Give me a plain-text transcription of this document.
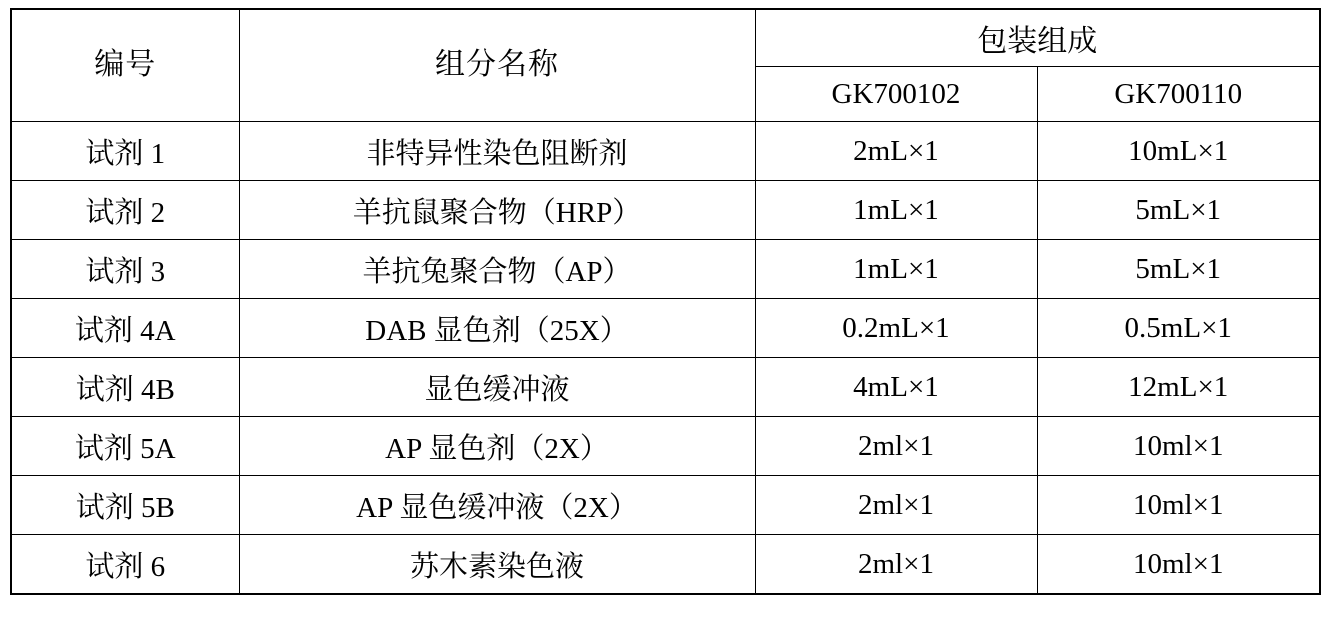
编号	组分名称	包装组成	
		GK700102	GK700110
试剂 1	非特异性染色阻断剂	2mL×1	10mL×1
试剂 2	羊抗鼠聚合物（HRP）	1mL×1	5mL×1
试剂 3	羊抗兔聚合物（AP）	1mL×1	5mL×1
试剂 4A	DAB 显色剂（25X）	0.2mL×1	0.5mL×1
试剂 4B	显色缓冲液	4mL×1	12mL×1
试剂 5A	AP 显色剂（2X）	2ml×1	10ml×1
试剂 5B	AP 显色缓冲液（2X）	2ml×1	10ml×1
试剂 6	苏木素染色液	2ml×1	10ml×1
